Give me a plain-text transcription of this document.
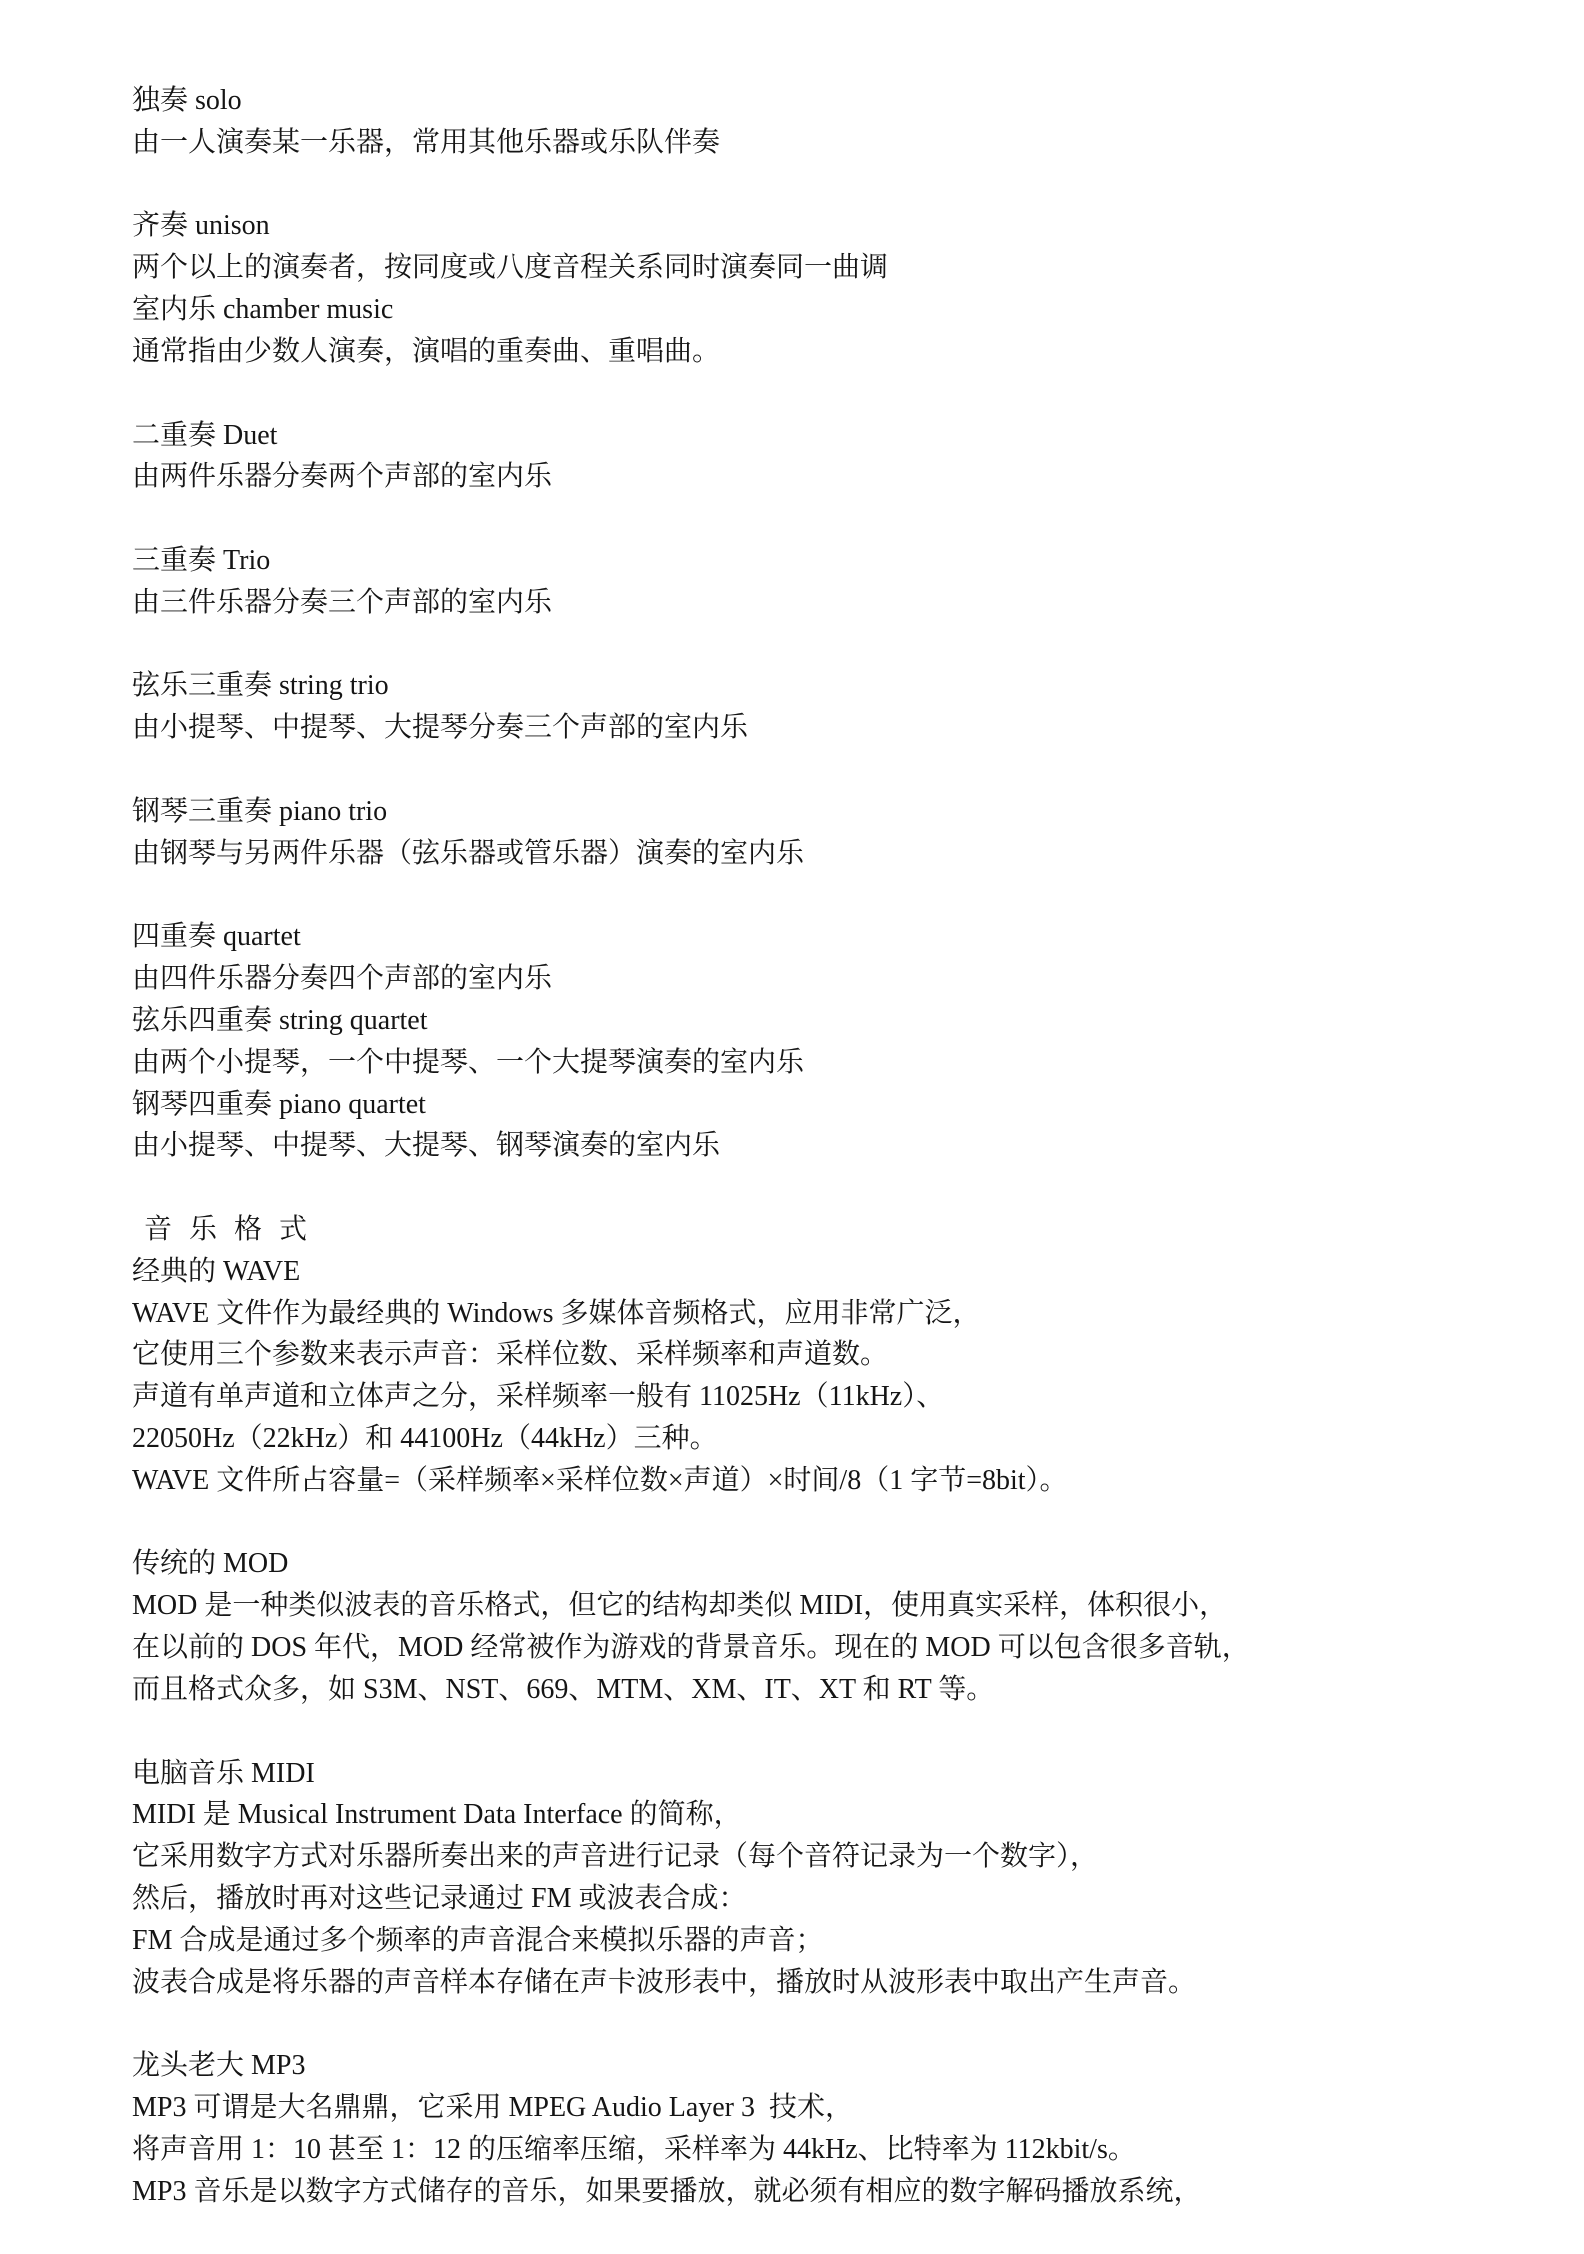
独奏 solo
由一人演奏某一乐器，常用其他乐器或乐队伴奏
齐奏 unison
两个以上的演奏者，按同度或八度音程关系同时演奏同一曲调
室内乐 chamber music
通常指由少数人演奏，演唱的重奏曲、重唱曲。
二重奏 Duet
由两件乐器分奏两个声部的室内乐
三重奏 Trio
由三件乐器分奏三个声部的室内乐
弦乐三重奏 string trio
由小提琴、中提琴、大提琴分奏三个声部的室内乐
钢琴三重奏 piano trio
由钢琴与另两件乐器（弦乐器或管乐器）演奏的室内乐
四重奏 quartet
由四件乐器分奏四个声部的室内乐
弦乐四重奏 string quartet
由两个小提琴，一个中提琴、一个大提琴演奏的室内乐
钢琴四重奏 piano quartet
由小提琴、中提琴、大提琴、钢琴演奏的室内乐
音 乐 格 式
经典的 WAVE
WAVE 文件作为最经典的 Windows 多媒体音频格式，应用非常广泛，
它使用三个参数来表示声音：采样位数、采样频率和声道数。
声道有单声道和立体声之分，采样频率一般有 11025Hz（11kHz）、
22050Hz（22kHz）和 44100Hz（44kHz）三种。
WAVE 文件所占容量=（采样频率×采样位数×声道）×时间/8（1 字节=8bit）。
传统的 MOD
MOD 是一种类似波表的音乐格式，但它的结构却类似 MIDI，使用真实采样，体积很小，
在以前的 DOS 年代，MOD 经常被作为游戏的背景音乐。现在的 MOD 可以包含很多音轨，
而且格式众多，如 S3M、NST、669、MTM、XM、IT、XT 和 RT 等。
电脑音乐 MIDI
MIDI 是 Musical Instrument Data Interface 的简称，
它采用数字方式对乐器所奏出来的声音进行记录（每个音符记录为一个数字），
然后，播放时再对这些记录通过 FM 或波表合成：
FM 合成是通过多个频率的声音混合来模拟乐器的声音；
波表合成是将乐器的声音样本存储在声卡波形表中，播放时从波形表中取出产生声音。
龙头老大 MP3
MP3 可谓是大名鼎鼎，它采用 MPEG Audio Layer 3  技术，
将声音用 1：10 甚至 1：12 的压缩率压缩，采样率为 44kHz、比特率为 112kbit/s。
MP3 音乐是以数字方式储存的音乐，如果要播放，就必须有相应的数字解码播放系统，
